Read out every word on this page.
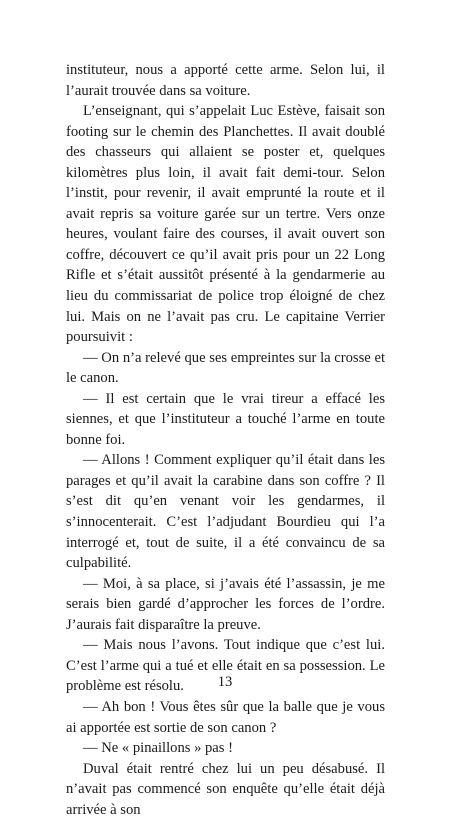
instituteur, nous a apporté cette arme. Selon lui, il l’aurait trouvée dans sa voiture.

L’enseignant, qui s’appelait Luc Estève, faisait son footing sur le chemin des Planchettes. Il avait doublé des chasseurs qui allaient se poster et, quelques kilomètres plus loin, il avait fait demi-tour. Selon l’instit, pour revenir, il avait emprunté la route et il avait repris sa voiture garée sur un tertre. Vers onze heures, voulant faire des courses, il avait ouvert son coffre, découvert ce qu’il avait pris pour un 22 Long Rifle et s’était aussitôt présenté à la gendarmerie au lieu du commissariat de police trop éloigné de chez lui. Mais on ne l’avait pas cru. Le capitaine Verrier poursuivit :

— On n’a relevé que ses empreintes sur la crosse et le canon.

— Il est certain que le vrai tireur a effacé les siennes, et que l’instituteur a touché l’arme en toute bonne foi.

— Allons ! Comment expliquer qu’il était dans les parages et qu’il avait la carabine dans son coffre ? Il s’est dit qu’en venant voir les gendarmes, il s’innocenterait. C’est l’adjudant Bourdieu qui l’a interrogé et, tout de suite, il a été convaincu de sa culpabilité.

— Moi, à sa place, si j’avais été l’assassin, je me serais bien gardé d’approcher les forces de l’ordre. J’aurais fait disparaître la preuve.

— Mais nous l’avons. Tout indique que c’est lui. C’est l’arme qui a tué et elle était en sa possession. Le problème est résolu.

— Ah bon ! Vous êtes sûr que la balle que je vous ai apportée est sortie de son canon ?

— Ne « pinaillons » pas !

Duval était rentré chez lui un peu désabusé. Il n’avait pas commencé son enquête qu’elle était déjà arrivée à son

13
